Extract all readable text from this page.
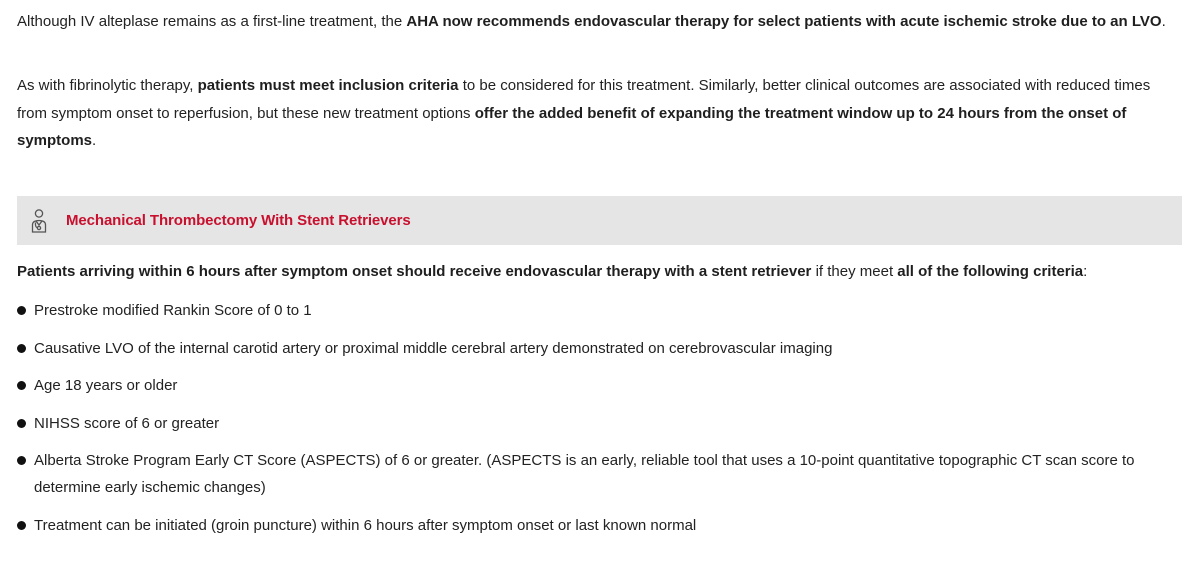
Although IV alteplase remains as a first-line treatment, the AHA now recommends endovascular therapy for select patients with acute ischemic stroke due to an LVO.

As with fibrinolytic therapy, patients must meet inclusion criteria to be considered for this treatment. Similarly, better clinical outcomes are associated with reduced times from symptom onset to reperfusion, but these new treatment options offer the added benefit of expanding the treatment window up to 24 hours from the onset of symptoms.

Mechanical Thrombectomy With Stent Retrievers

Patients arriving within 6 hours after symptom onset should receive endovascular therapy with a stent retriever if they meet all of the following criteria:

Prestroke modified Rankin Score of 0 to 1
Causative LVO of the internal carotid artery or proximal middle cerebral artery demonstrated on cerebrovascular imaging
Age 18 years or older
NIHSS score of 6 or greater
Alberta Stroke Program Early CT Score (ASPECTS) of 6 or greater. (ASPECTS is an early, reliable tool that uses a 10-point quantitative topographic CT scan score to determine early ischemic changes)
Treatment can be initiated (groin puncture) within 6 hours after symptom onset or last known normal
